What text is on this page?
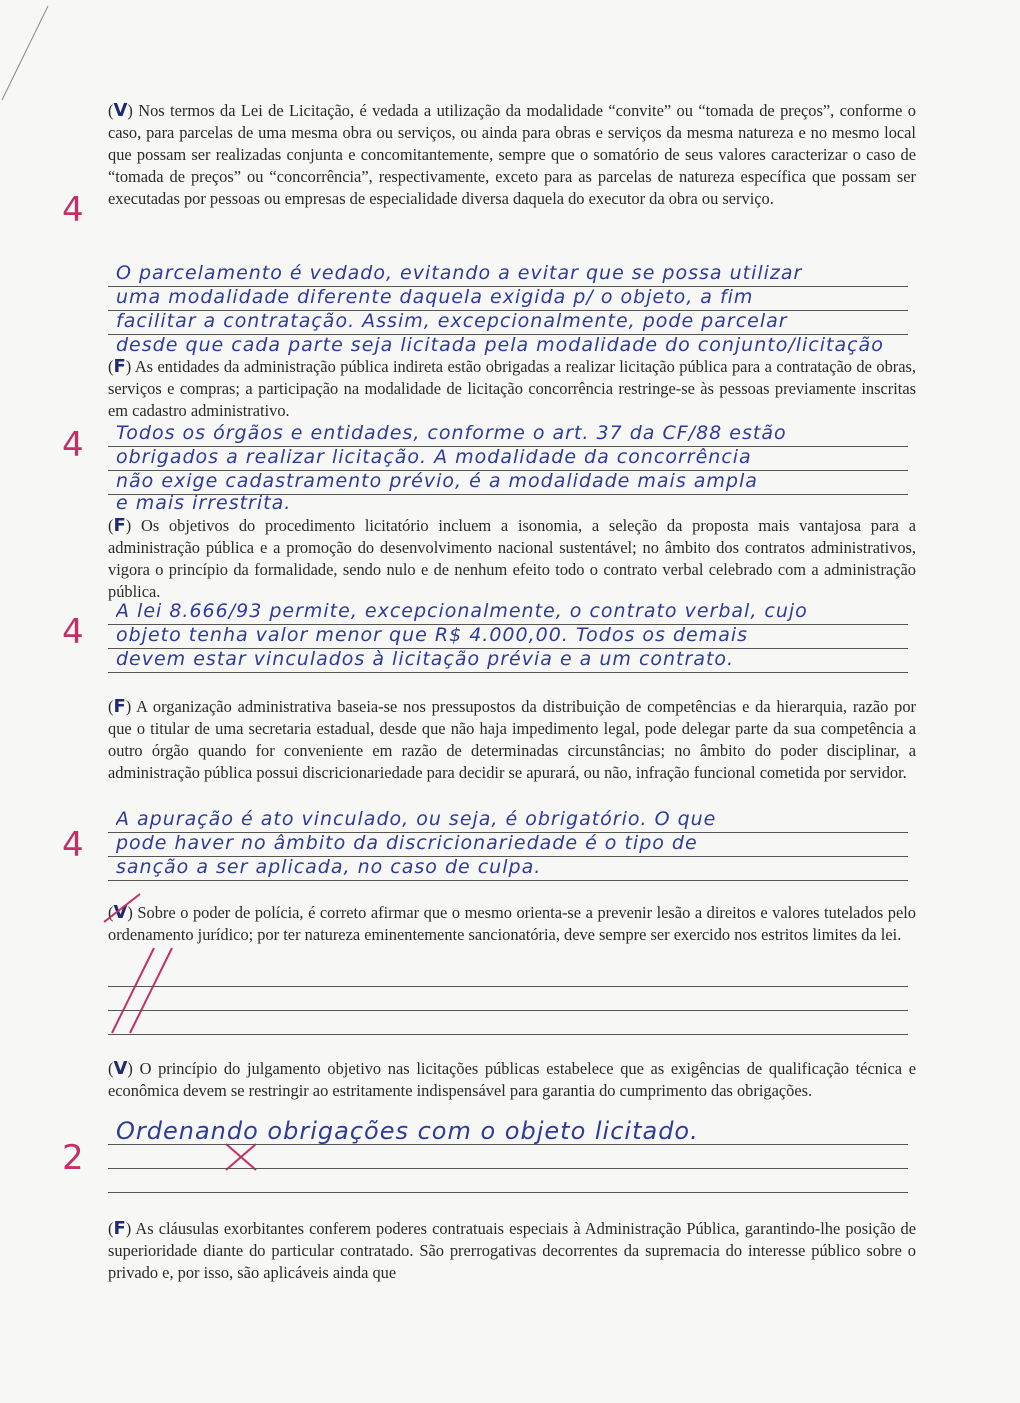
(V) Nos termos da Lei de Licitação, é vedada a utilização da modalidade “convite” ou “tomada de preços”, conforme o caso, para parcelas de uma mesma obra ou serviços, ou ainda para obras e serviços da mesma natureza e no mesmo local que possam ser realizadas conjunta e concomitantemente, sempre que o somatório de seus valores caracterizar o caso de “tomada de preços” ou “concorrência”, respectivamente, exceto para as parcelas de natureza específica que possam ser executadas por pessoas ou empresas de especialidade diversa daquela do executor da obra ou serviço.
4
O parcelamento é vedado, evitando a evitar que se possa utilizar
uma modalidade diferente daquela exigida p/ o objeto, a fim
facilitar a contratação. Assim, excepcionalmente, pode parcelar
desde que cada parte seja licitada pela modalidade do conjunto/licitação
(F) As entidades da administração pública indireta estão obrigadas a realizar licitação pública para a contratação de obras, serviços e compras; a participação na modalidade de licitação concorrência restringe-se às pessoas previamente inscritas em cadastro administrativo.
4 Todos os órgãos e entidades, conforme o art. 37 da CF/88 estão
obrigados a realizar licitação. A modalidade da concorrência
não exige cadastramento prévio, é a modalidade mais ampla
e mais irrestrita.
(F) Os objetivos do procedimento licitatório incluem a isonomia, a seleção da proposta mais vantajosa para a administração pública e a promoção do desenvolvimento nacional sustentável; no âmbito dos contratos administrativos, vigora o princípio da formalidade, sendo nulo e de nenhum efeito todo o contrato verbal celebrado com a administração pública.
4
A lei 8.666/93 permite, excepcionalmente, o contrato verbal, cujo
objeto tenha valor menor que R$ 4.000,00. Todos os demais
devem estar vinculados à licitação prévia e a um contrato.
(F) A organização administrativa baseia-se nos pressupostos da distribuição de competências e da hierarquia, razão por que o titular de uma secretaria estadual, desde que não haja impedimento legal, pode delegar parte da sua competência a outro órgão quando for conveniente em razão de determinadas circunstâncias; no âmbito do poder disciplinar, a administração pública possui discricionariedade para decidir se apurará, ou não, infração funcional cometida por servidor.
4
A apuração é ato vinculado, ou seja, é obrigatório. O que
pode haver no âmbito da discricionariedade é o tipo de
sanção a ser aplicada, no caso de culpa.
(V) Sobre o poder de polícia, é correto afirmar que o mesmo orienta-se a prevenir lesão a direitos e valores tutelados pelo ordenamento jurídico; por ter natureza eminentemente sancionatória, deve sempre ser exercido nos estritos limites da lei.
(V) O princípio do julgamento objetivo nas licitações públicas estabelece que as exigências de qualificação técnica e econômica devem se restringir ao estritamente indispensável para garantia do cumprimento das obrigações.
2
Ordenando obrigações com o objeto licitado.
(F) As cláusulas exorbitantes conferem poderes contratuais especiais à Administração Pública, garantindo-lhe posição de superioridade diante do particular contratado. São prerrogativas decorrentes da supremacia do interesse público sobre o privado e, por isso, são aplicáveis ainda que
